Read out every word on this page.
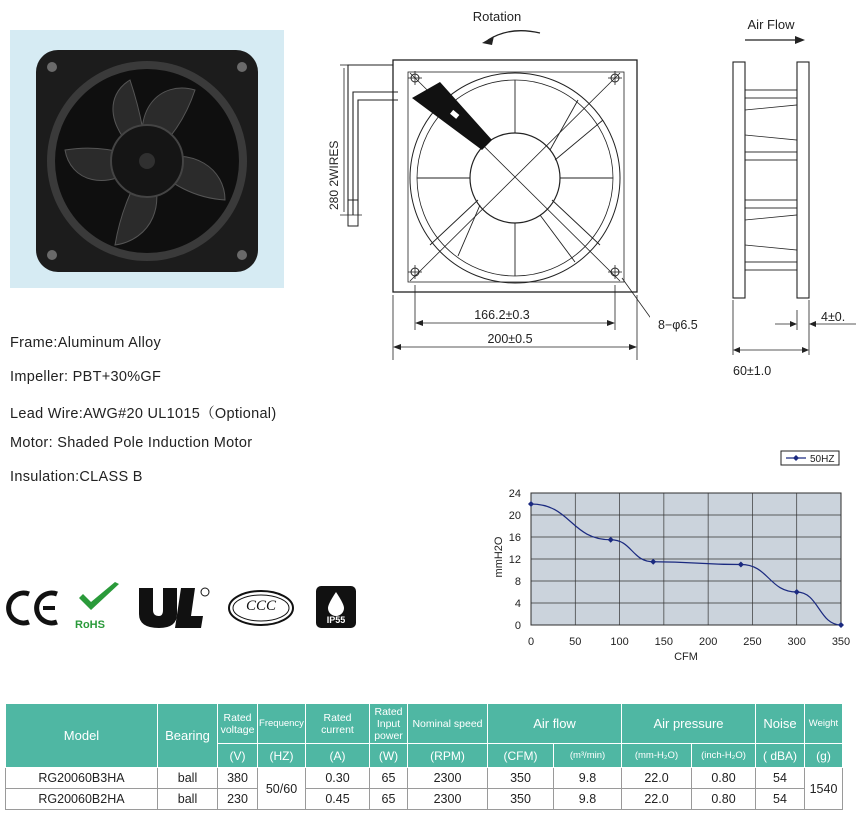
Rotation
280 2WIRES
166.2±0.3
200±0.5
8−φ6.5
Air Flow
4±0.
60±1.0
Frame:Aluminum Alloy
Impeller: PBT+30%GF
Lead Wire:AWG#20 UL1015（Optional)
Motor: Shaded Pole Induction Motor
Insulation:CLASS B
RoHS
CCC
IP55
50HZ
0
4
8
12
16
20
24
0	50	100 150 200 250 300 350
mmH2O
CFM
Model	Bearing	Rated voltage	Frequency	Rated current	Rated Input power	Nominal speed	Air flow		Air pressure		Noise	Weight
		(V)	(HZ)	(A)	(W)	(RPM)	(CFM)	(m³/min)	(mm-H₂O)	(inch-H₂O)	( dBA)	(g)
RG20060B3HA	ball	380	50/60	0.30	65	2300	350	9.8	22.0	0.80	54	1540
RG20060B2HA	ball	230		0.45	65	2300	350	9.8	22.0	0.80	54	
